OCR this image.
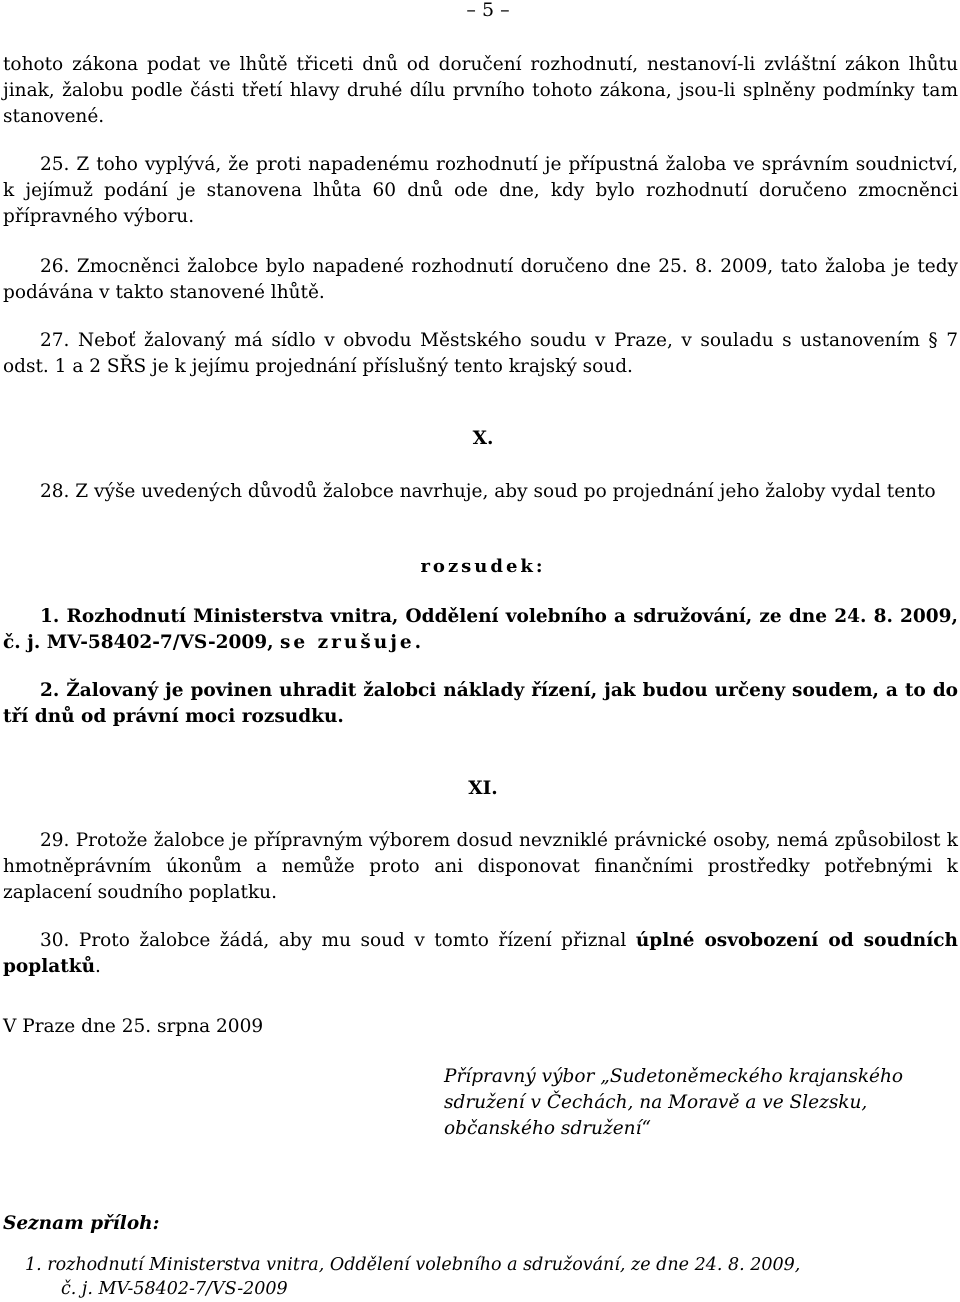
– 5 –
tohoto zákona podat ve lhůtě třiceti dnů od doručení rozhodnutí, nestanoví-li zvláštní zákon lhůtu jinak, žalobu podle části třetí hlavy druhé dílu prvního tohoto zákona, jsou-li splněny podmínky tam stanovené.
25. Z toho vyplývá, že proti napadenému rozhodnutí je přípustná žaloba ve správním soudnictví, k jejímuž podání je stanovena lhůta 60 dnů ode dne, kdy bylo rozhodnutí doručeno zmocněnci přípravného výboru.
26. Zmocněnci žalobce bylo napadené rozhodnutí doručeno dne 25. 8. 2009, tato žaloba je tedy podávána v takto stanovené lhůtě.
27. Neboť žalovaný má sídlo v obvodu Městského soudu v Praze, v souladu s ustanovením § 7 odst. 1 a 2 SŘS je k jejímu projednání příslušný tento krajský soud.
X.
28. Z výše uvedených důvodů žalobce navrhuje, aby soud po projednání jeho žaloby vydal tento
rozsudek:
1. Rozhodnutí Ministerstva vnitra, Oddělení volebního a sdružování, ze dne 24. 8. 2009, č. j. MV-58402-7/VS-2009, se zrušuje.
2. Žalovaný je povinen uhradit žalobci náklady řízení, jak budou určeny soudem, a to do tří dnů od právní moci rozsudku.
XI.
29. Protože žalobce je přípravným výborem dosud nevzniklé právnické osoby, nemá způsobilost k hmotněprávním úkonům a nemůže proto ani disponovat finančními prostředky potřebnými k zaplacení soudního poplatku.
30. Proto žalobce žádá, aby mu soud v tomto řízení přiznal úplné osvobození od soudních poplatků.
V Praze dne 25. srpna 2009
Přípravný výbor „Sudetoněmeckého krajanského
sdružení v Čechách, na Moravě a ve Slezsku,
občanského sdružení“
Seznam příloh:
1. rozhodnutí Ministerstva vnitra, Oddělení volebního a sdružování, ze dne 24. 8. 2009,
č. j. MV-58402-7/VS-2009
